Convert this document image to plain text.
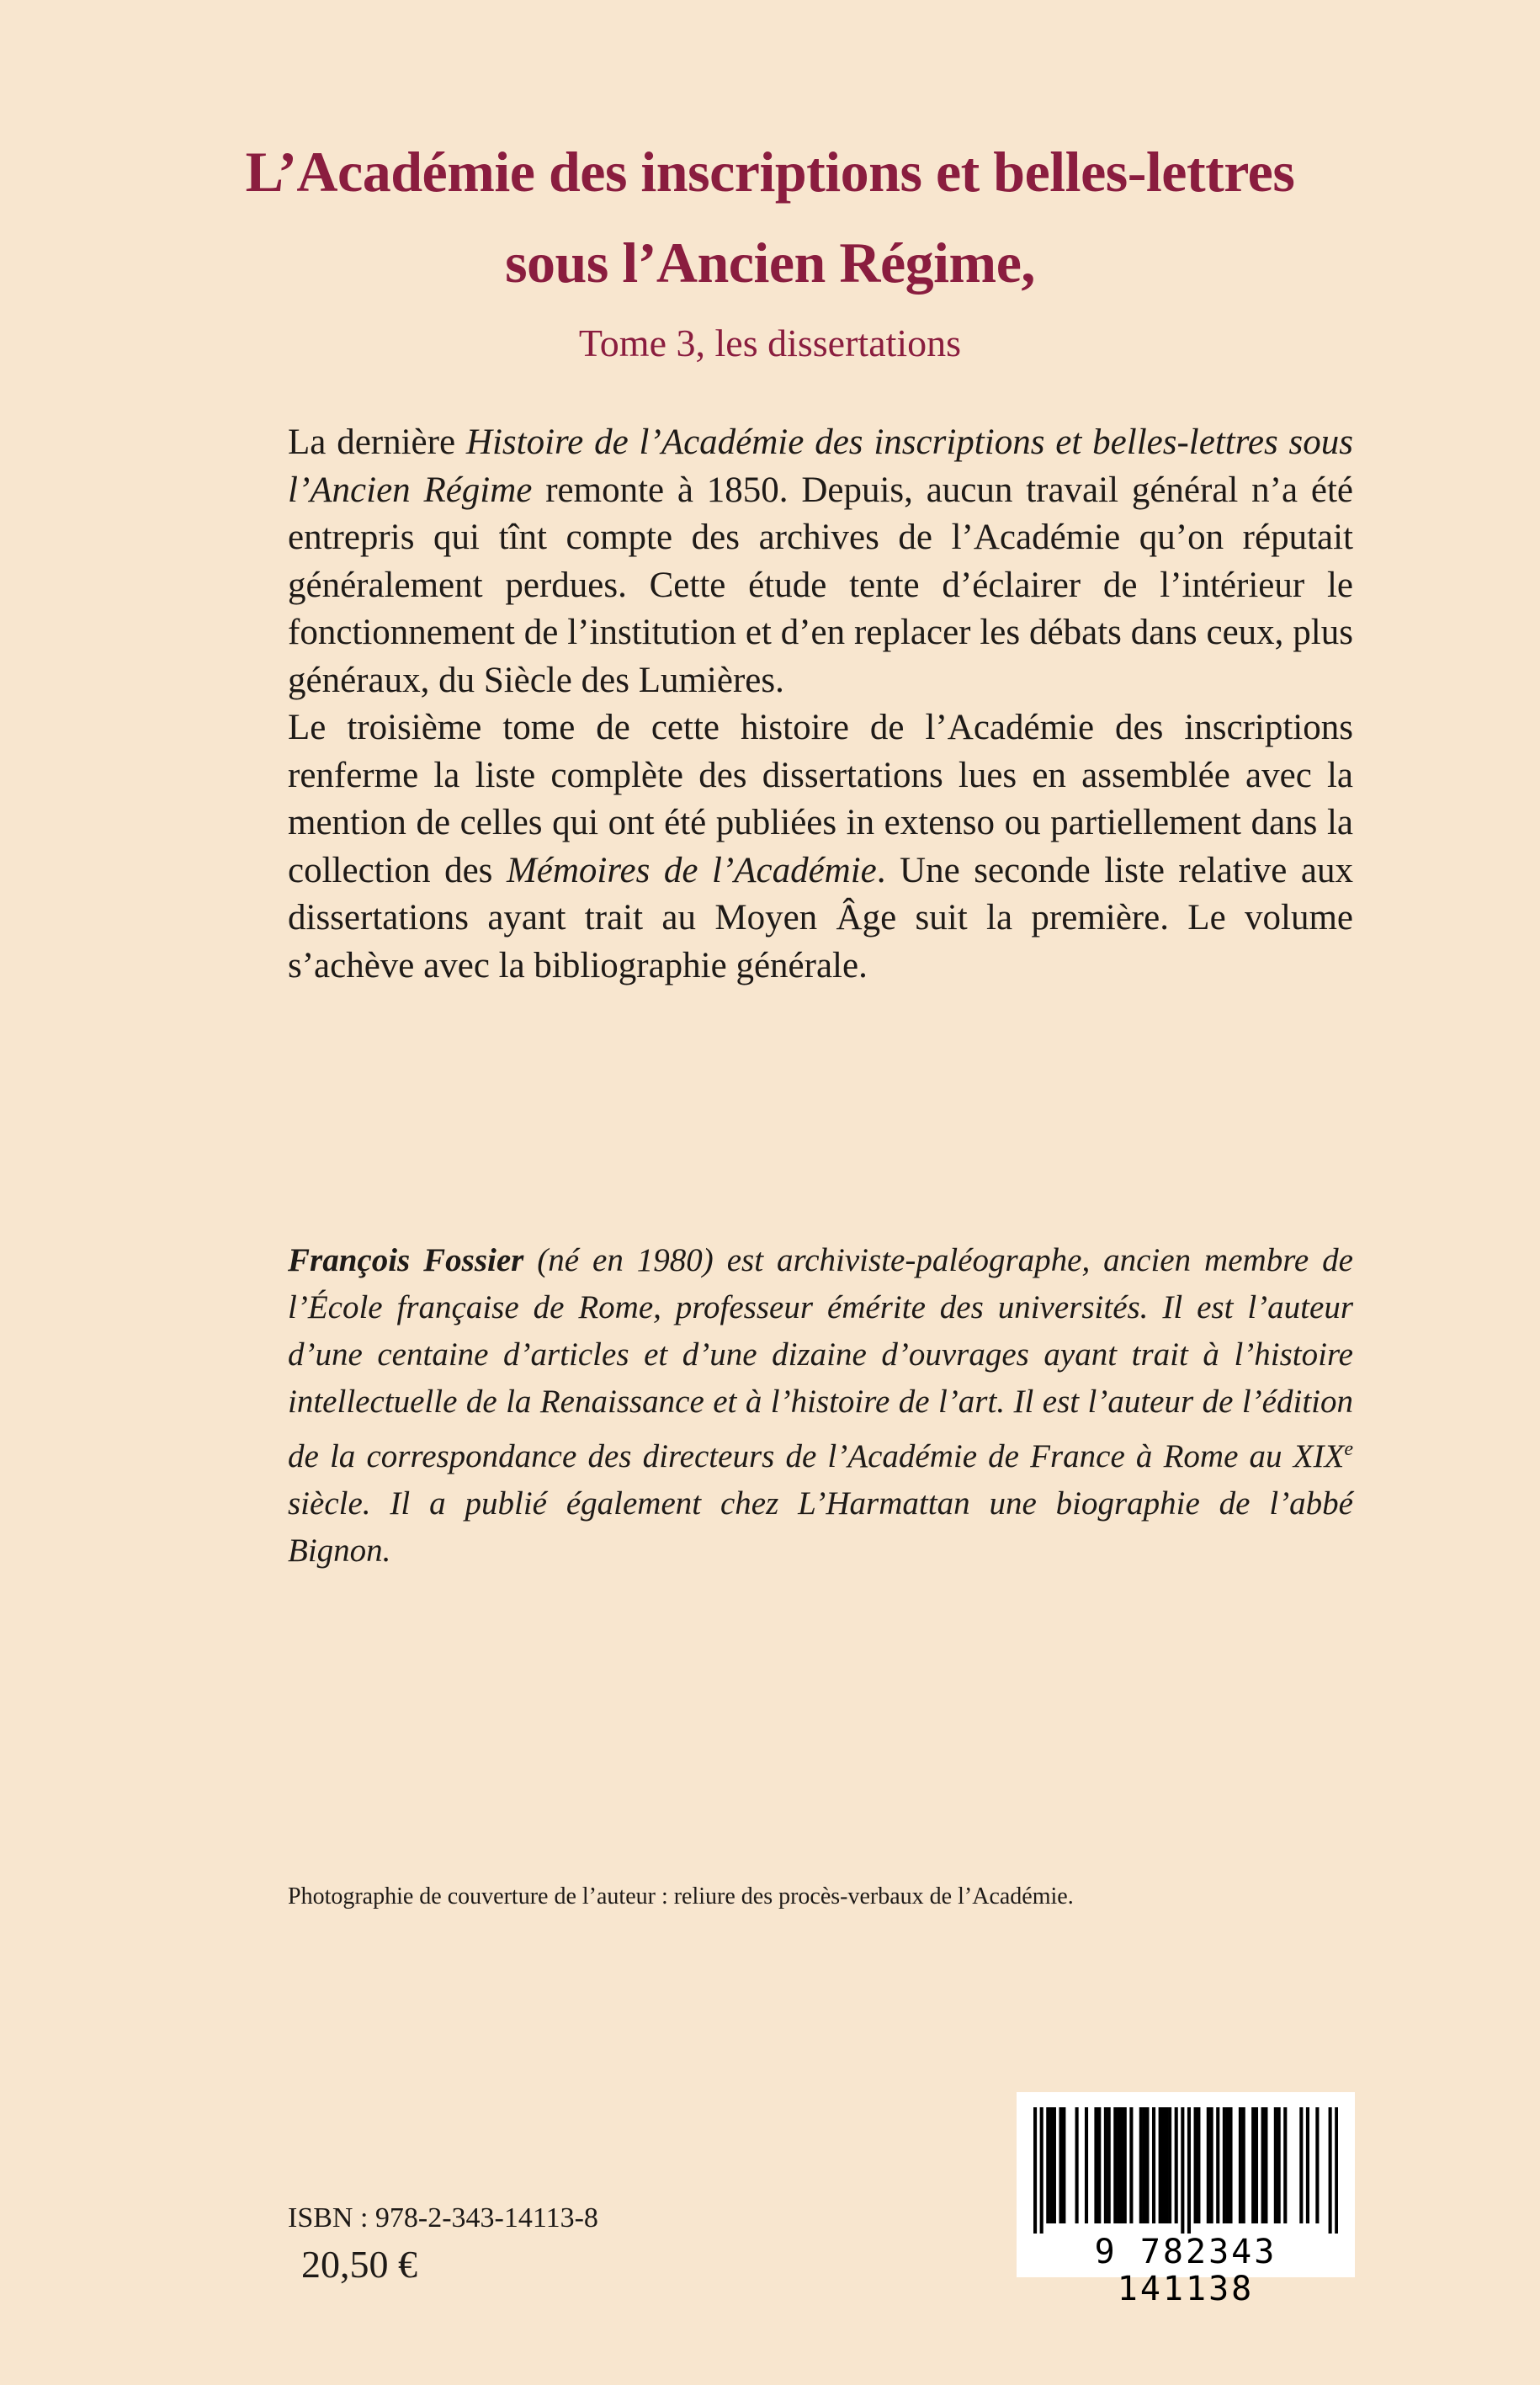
L’Académie des inscriptions et belles-lettres
sous l’Ancien Régime,
Tome 3, les dissertations

La dernière Histoire de l’Académie des inscriptions et belles-lettres sous l’Ancien Régime remonte à 1850. Depuis, aucun travail général n’a été entrepris qui tînt compte des archives de l’Académie qu’on réputait généralement perdues. Cette étude tente d’éclairer de l’intérieur le fonctionnement de l’institution et d’en replacer les débats dans ceux, plus généraux, du Siècle des Lumières.

Le troisième tome de cette histoire de l’Académie des inscriptions renferme la liste complète des dissertations lues en assemblée avec la mention de celles qui ont été publiées in extenso ou partiellement dans la collection des Mémoires de l’Académie. Une seconde liste relative aux dissertations ayant trait au Moyen Âge suit la première. Le volume s’achève avec la bibliographie générale.

François Fossier (né en 1980) est archiviste-paléographe, ancien membre de l’École française de Rome, professeur émérite des universités. Il est l’auteur d’une centaine d’articles et d’une dizaine d’ouvrages ayant trait à l’histoire intellectuelle de la Renaissance et à l’histoire de l’art. Il est l’auteur de l’édition de la correspondance des directeurs de l’Académie de France à Rome au XIXe siècle. Il a publié également chez L’Harmattan une biographie de l’abbé Bignon.

Photographie de couverture de l’auteur : reliure des procès-verbaux de l’Académie.
ISBN : 978-2-343-14113-8
20,50 €	9 782343 141138
